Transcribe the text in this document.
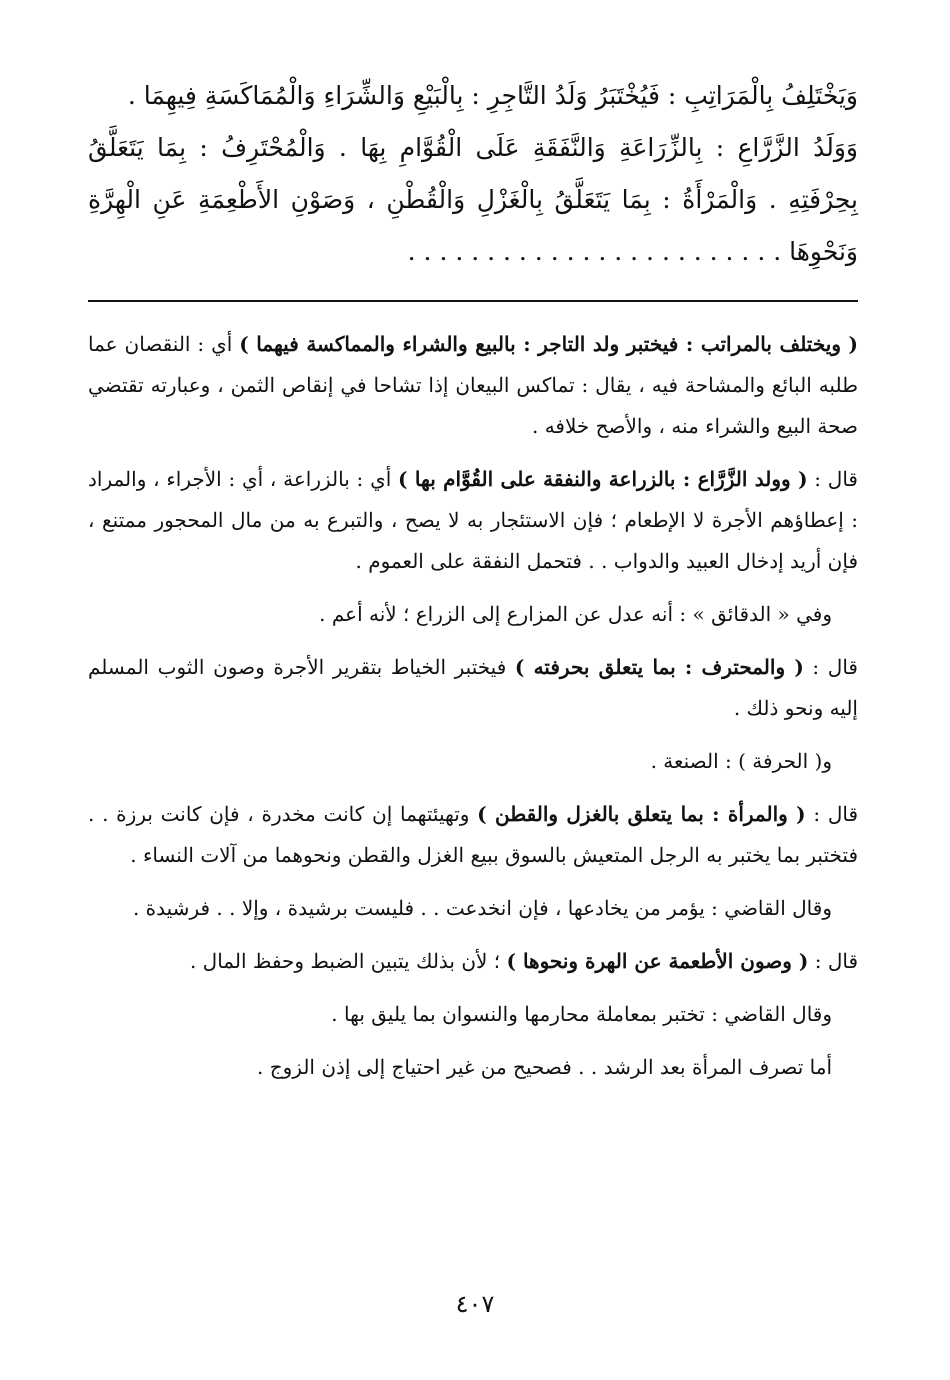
وَيَخْتَلِفُ بِالْمَرَاتِبِ : فَيُخْتَبَرُ وَلَدُ التَّاجِرِ : بِالْبَيْعِ وَالشِّرَاءِ وَالْمُمَاكَسَةِ فِيهِمَا .

وَوَلَدُ الزَّرَّاعِ : بِالزِّرَاعَةِ وَالنَّفَقَةِ عَلَى الْقُوَّامِ بِهَا . وَالْمُحْتَرِفُ : بِمَا يَتَعَلَّقُ بِحِرْفَتِهِ . وَالْمَرْأَةُ : بِمَا يَتَعَلَّقُ بِالْغَزْلِ وَالْقُطْنِ ، وَصَوْنِ الأَطْعِمَةِ عَنِ الْهِرَّةِ وَنَحْوِهَا . . . . . . . . . . . . . . . . . . . . . . . .

( ويختلف بالمراتب : فيختبر ولد التاجر : بالبيع والشراء والمماكسة فيهما ) أي : النقصان عما طلبه البائع والمشاحة فيه ، يقال : تماكس البيعان إذا تشاحا في إنقاص الثمن ، وعبارته تقتضي صحة البيع والشراء منه ، والأصح خلافه .

قال : ( وولد الزَّرَّاع : بالزراعة والنفقة على القُوَّام بها ) أي : بالزراعة ، أي : الأجراء ، والمراد : إعطاؤهم الأجرة لا الإطعام ؛ فإن الاستئجار به لا يصح ، والتبرع به من مال المحجور ممتنع ، فإن أريد إدخال العبيد والدواب . . فتحمل النفقة على العموم .

وفي « الدقائق » : أنه عدل عن المزارع إلى الزراع ؛ لأنه أعم .

قال : ( والمحترف : بما يتعلق بحرفته ) فيختبر الخياط بتقرير الأجرة وصون الثوب المسلم إليه ونحو ذلك .

و( الحرفة ) : الصنعة .

قال : ( والمرأة : بما يتعلق بالغزل والقطن ) وتهيئتهما إن كانت مخدرة ، فإن كانت برزة . . فتختبر بما يختبر به الرجل المتعيش بالسوق ببيع الغزل والقطن ونحوهما من آلات النساء .

وقال القاضي : يؤمر من يخادعها ، فإن انخدعت . . فليست برشيدة ، وإلا . . فرشيدة .

قال : ( وصون الأطعمة عن الهرة ونحوها ) ؛ لأن بذلك يتبين الضبط وحفظ المال .

وقال القاضي : تختبر بمعاملة محارمها والنسوان بما يليق بها .

أما تصرف المرأة بعد الرشد . . فصحيح من غير احتياج إلى إذن الزوج .

٤٠٧
